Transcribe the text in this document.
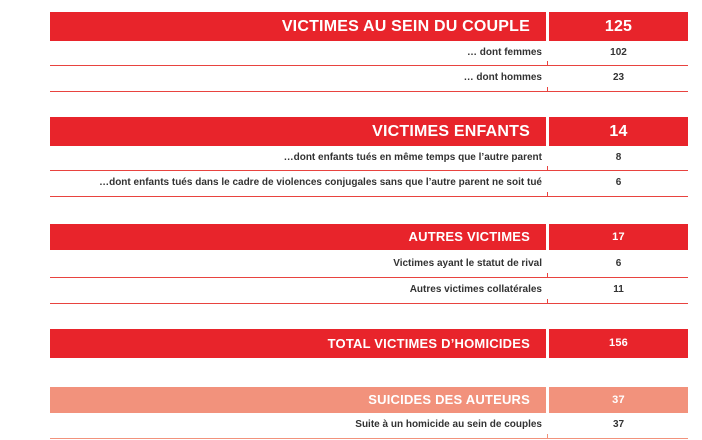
VICTIMES AU SEIN DU COUPLE	125
… dont femmes	102
… dont hommes	23
VICTIMES ENFANTS	14
…dont enfants tués en même temps que l’autre parent	8
…dont enfants tués dans le cadre de violences conjugales sans que l’autre parent ne soit tué	6
AUTRES VICTIMES	17
Victimes ayant le statut de rival	6
Autres victimes collatérales	11
TOTAL VICTIMES D’HOMICIDES	156
SUICIDES DES AUTEURS	37
Suite à un homicide au sein de couples	37
